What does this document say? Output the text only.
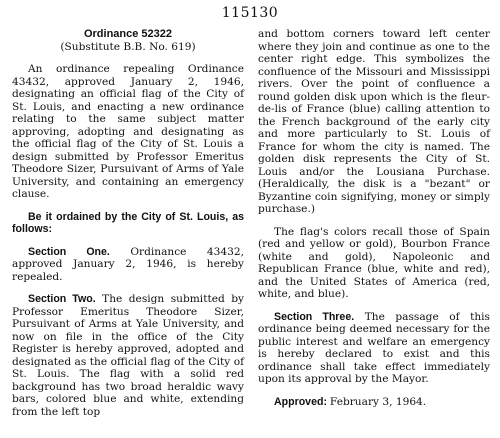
115130
Ordinance 52322
(Substitute B.B. No. 619)

An ordinance repealing Ordinance 43432, approved January 2, 1946, designating an official flag of the City of St. Louis, and enacting a new ordinance relating to the same subject matter approving, adopting and designating as the official flag of the City of St. Louis a design submitted by Professor Emeritus Theodore Sizer, Pursuivant of Arms of Yale University, and containing an emergency clause.

Be it ordained by the City of St. Louis, as follows:

Section One. Ordinance 43432, approved January 2, 1946, is hereby repealed.

Section Two. The design submitted by Professor Emeritus Theodore Sizer, Pursuivant of Arms at Yale University, and now on file in the office of the City Register is hereby approved, adopted and designated as the official flag of the City of St. Louis. The flag with a solid red background has two broad heraldic wavy bars, colored blue and white, extending from the left top

and bottom corners toward left center where they join and continue as one to the center right edge. This symbolizes the confluence of the Missouri and Mississippi rivers. Over the point of confluence a round golden disk upon which is the fleur-de-lis of France (blue) calling attention to the French background of the early city and more particularly to St. Louis of France for whom the city is named. The golden disk represents the City of St. Louis and/or the Lousiana Purchase. (Heraldically, the disk is a "bezant" or Byzantine coin signifying, money or simply purchase.)

The flag's colors recall those of Spain (red and yellow or gold), Bourbon France (white and gold), Napoleonic and Republican France (blue, white and red), and the United States of America (red, white, and blue).

Section Three. The passage of this ordinance being deemed necessary for the public interest and welfare an emergency is hereby declared to exist and this ordinance shall take effect immediately upon its approval by the Mayor.

Approved: February 3, 1964.
